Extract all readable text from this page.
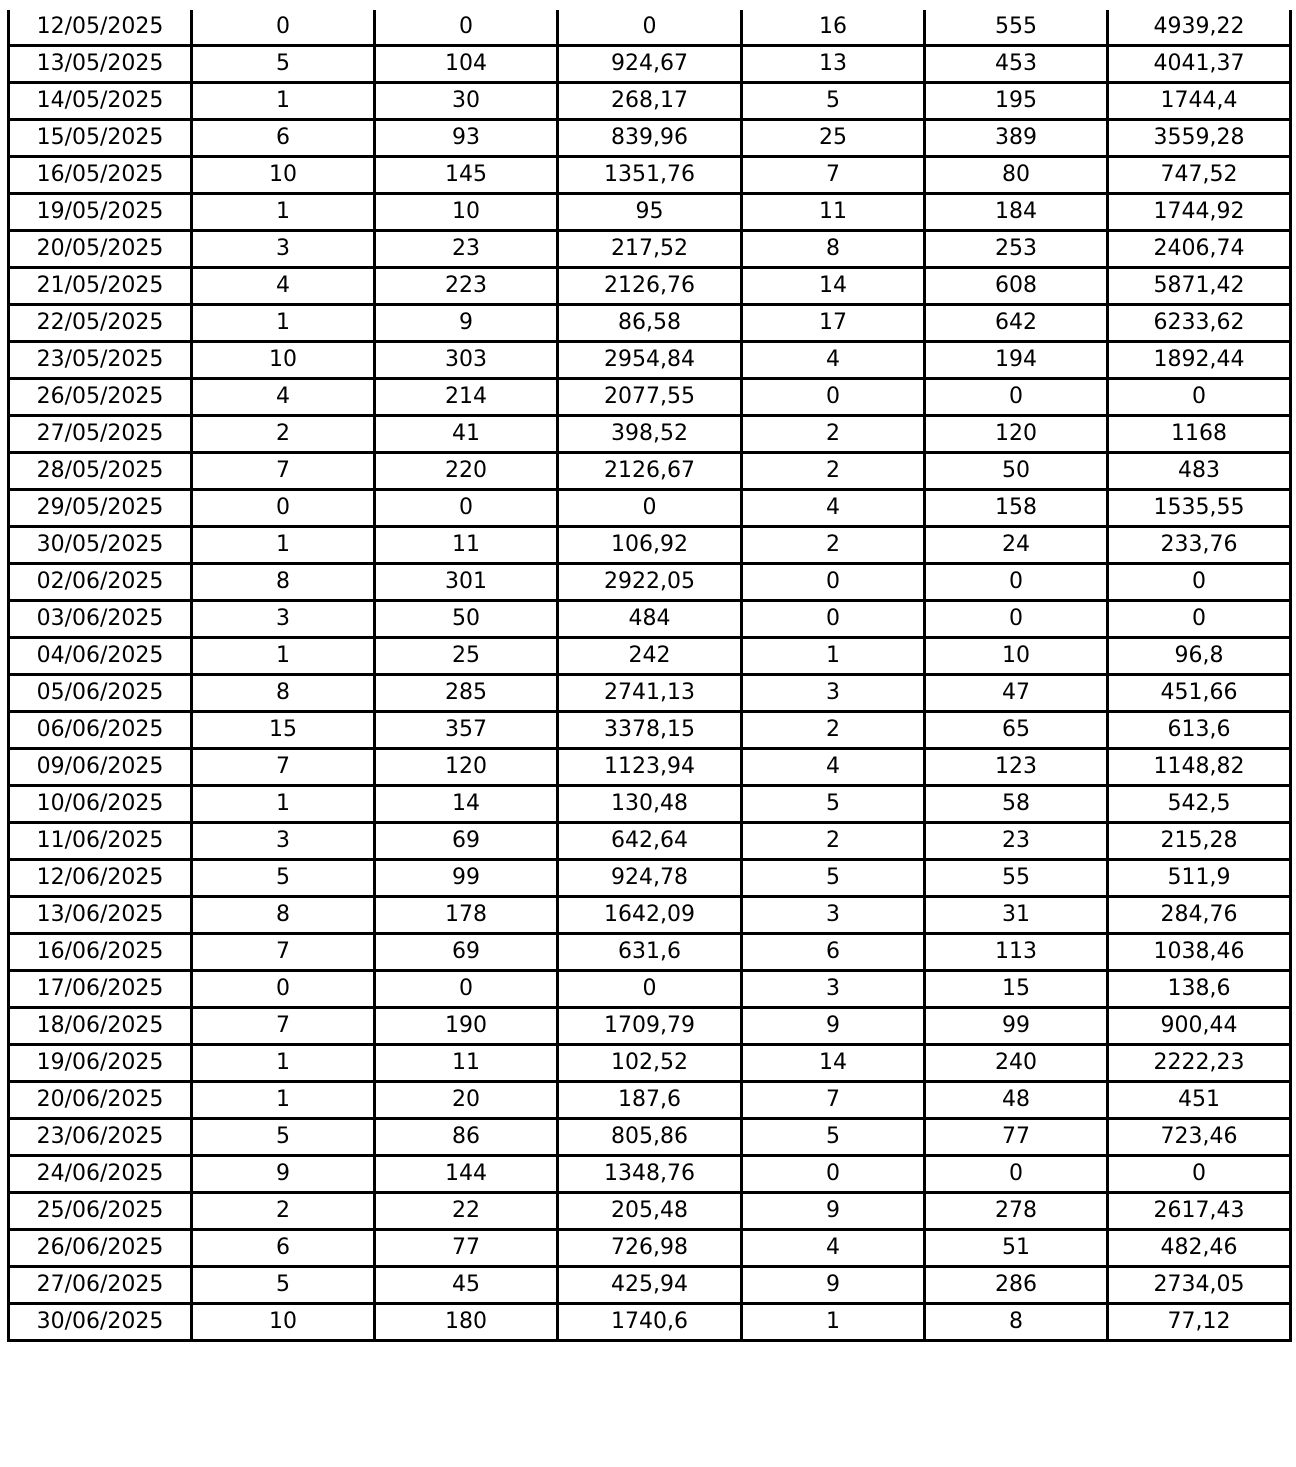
12/05/2025	0	0	0	16	555	4939,22
13/05/2025	5	104	924,67	13	453	4041,37
14/05/2025	1	30	268,17	5	195	1744,4
15/05/2025	6	93	839,96	25	389	3559,28
16/05/2025	10	145	1351,76	7	80	747,52
19/05/2025	1	10	95	11	184	1744,92
20/05/2025	3	23	217,52	8	253	2406,74
21/05/2025	4	223	2126,76	14	608	5871,42
22/05/2025	1	9	86,58	17	642	6233,62
23/05/2025	10	303	2954,84	4	194	1892,44
26/05/2025	4	214	2077,55	0	0	0
27/05/2025	2	41	398,52	2	120	1168
28/05/2025	7	220	2126,67	2	50	483
29/05/2025	0	0	0	4	158	1535,55
30/05/2025	1	11	106,92	2	24	233,76
02/06/2025	8	301	2922,05	0	0	0
03/06/2025	3	50	484	0	0	0
04/06/2025	1	25	242	1	10	96,8
05/06/2025	8	285	2741,13	3	47	451,66
06/06/2025	15	357	3378,15	2	65	613,6
09/06/2025	7	120	1123,94	4	123	1148,82
10/06/2025	1	14	130,48	5	58	542,5
11/06/2025	3	69	642,64	2	23	215,28
12/06/2025	5	99	924,78	5	55	511,9
13/06/2025	8	178	1642,09	3	31	284,76
16/06/2025	7	69	631,6	6	113	1038,46
17/06/2025	0	0	0	3	15	138,6
18/06/2025	7	190	1709,79	9	99	900,44
19/06/2025	1	11	102,52	14	240	2222,23
20/06/2025	1	20	187,6	7	48	451
23/06/2025	5	86	805,86	5	77	723,46
24/06/2025	9	144	1348,76	0	0	0
25/06/2025	2	22	205,48	9	278	2617,43
26/06/2025	6	77	726,98	4	51	482,46
27/06/2025	5	45	425,94	9	286	2734,05
30/06/2025	10	180	1740,6	1	8	77,12
